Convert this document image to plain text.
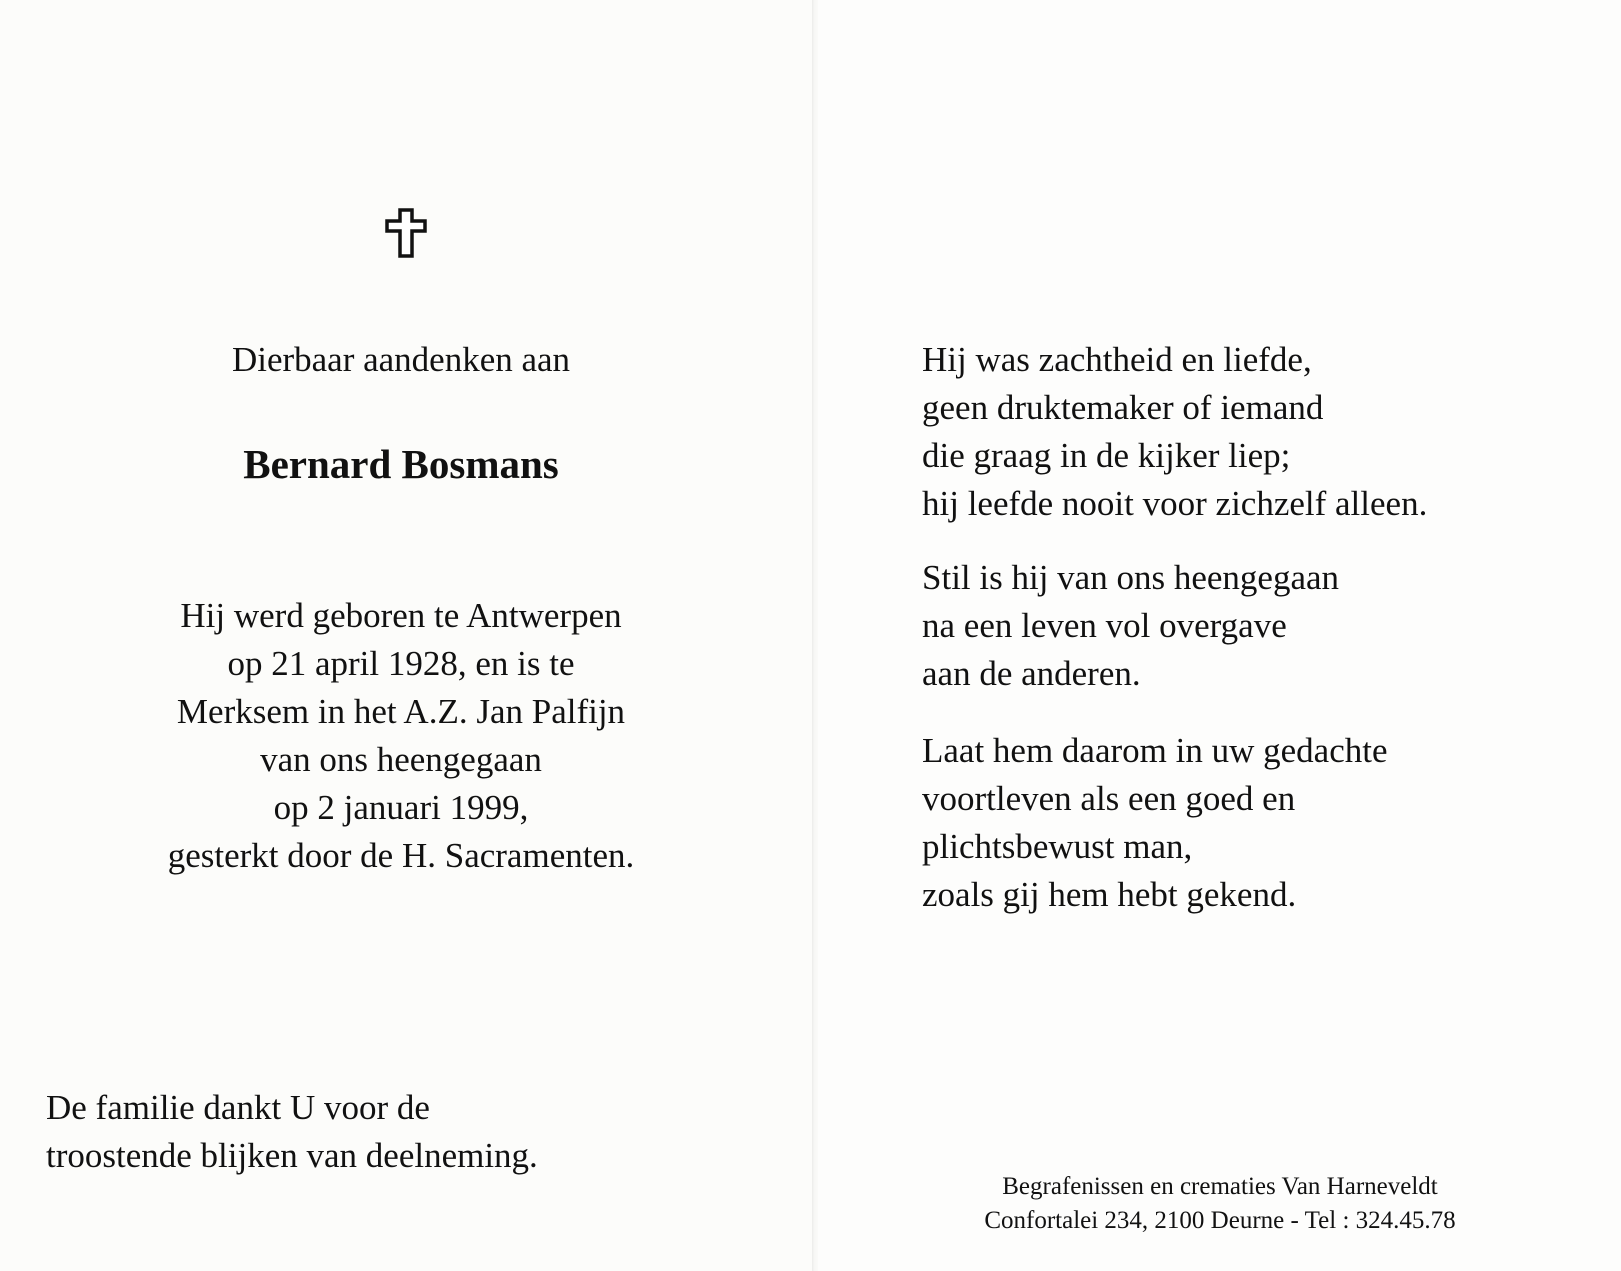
Dierbaar aandenken aan
Bernard Bosmans
Hij werd geboren te Antwerpen
op 21 april 1928, en is te
Merksem in het A.Z. Jan Palfijn
van ons heengegaan
op 2 januari 1999,
gesterkt door de H. Sacramenten.
De familie dankt U voor de
troostende blijken van deelneming.
Hij was zachtheid en liefde,
geen druktemaker of iemand
die graag in de kijker liep;
hij leefde nooit voor zichzelf alleen.
Stil is hij van ons heengegaan
na een leven vol overgave
aan de anderen.
Laat hem daarom in uw gedachte
voortleven als een goed en
plichtsbewust man,
zoals gij hem hebt gekend.
Begrafenissen en crematies Van Harneveldt
Confortalei 234, 2100 Deurne - Tel : 324.45.78
